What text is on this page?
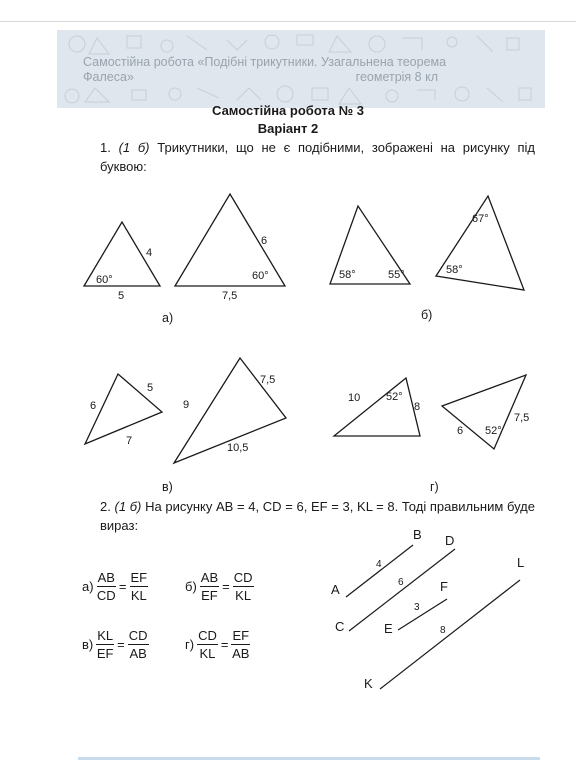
Самостійна робота «Подібні трикутники. Узагальнена теорема
Фалеса»	геометрія 8 кл
Самостійна робота № 3
Варіант 2
1. (1 б) Трикутники, що не є подібними, зображені на рисунку під буквою:
60°
4
5
6
60°
7,5
58°	55°
67°
58°
6
5
7
9
7,5
10,5
10 52°
8
6 52°
7,5
а)	б)
в)	г)
2. (1 б) На рисунку AB = 4, CD = 6, EF = 3, KL = 8. Тоді правильним буде вираз:
$а) \frac{AB}{CD} = \frac{EF}{KL}$	$б) \frac{AB}{EF} = \frac{CD}{KL}$
$в) \frac{KL}{EF} = \frac{CD}{AB}$	$г) \frac{CD}{KL} = \frac{EF}{AB}$
A
B
C
D
E
F
K
L
4
6
3
8
